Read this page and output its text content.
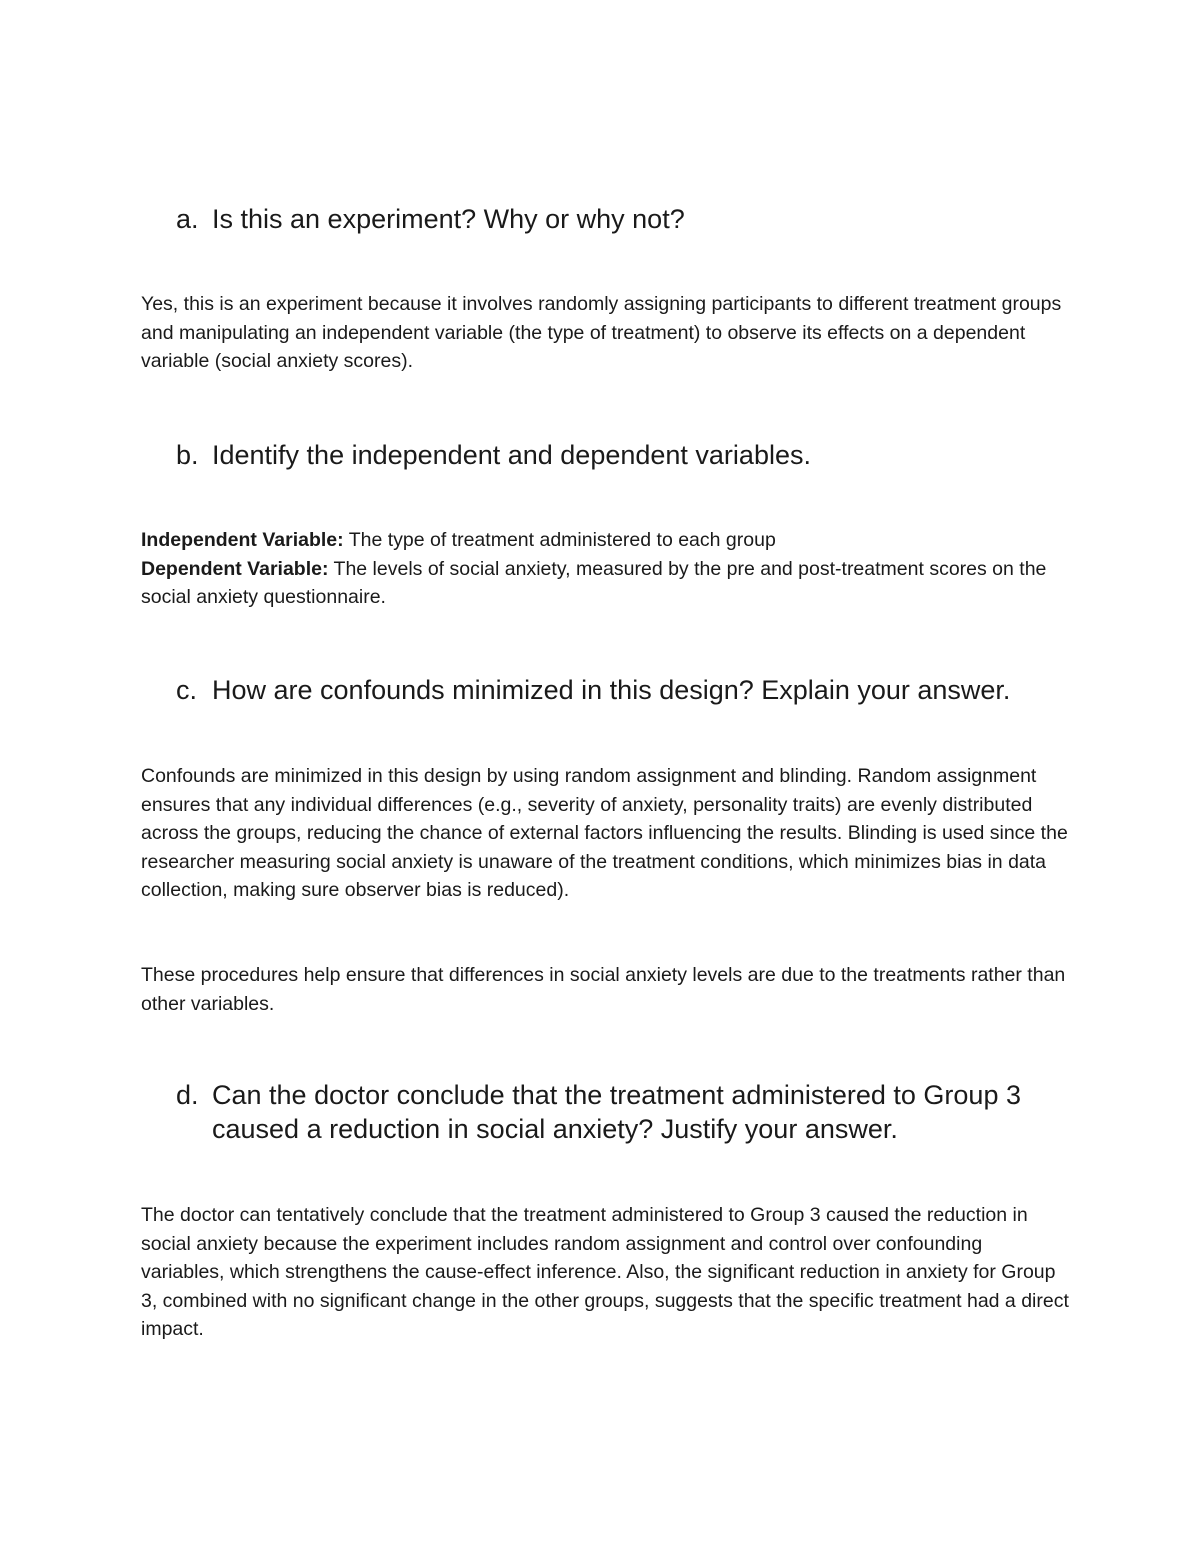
a. Is this an experiment? Why or why not?

Yes, this is an experiment because it involves randomly assigning participants to different treatment groups and manipulating an independent variable (the type of treatment) to observe its effects on a dependent variable (social anxiety scores).

b. Identify the independent and dependent variables.

Independent Variable: The type of treatment administered to each group
Dependent Variable: The levels of social anxiety, measured by the pre and post-treatment scores on the social anxiety questionnaire.

c. How are confounds minimized in this design? Explain your answer.

Confounds are minimized in this design by using random assignment and blinding. Random assignment ensures that any individual differences (e.g., severity of anxiety, personality traits) are evenly distributed across the groups, reducing the chance of external factors influencing the results. Blinding is used since the researcher measuring social anxiety is unaware of the treatment conditions, which minimizes bias in data collection, making sure observer bias is reduced).

These procedures help ensure that differences in social anxiety levels are due to the treatments rather than other variables.

d. Can the doctor conclude that the treatment administered to Group 3 caused a reduction in social anxiety? Justify your answer.

The doctor can tentatively conclude that the treatment administered to Group 3 caused the reduction in social anxiety because the experiment includes random assignment and control over confounding variables, which strengthens the cause-effect inference. Also, the significant reduction in anxiety for Group 3, combined with no significant change in the other groups, suggests that the specific treatment had a direct impact.
